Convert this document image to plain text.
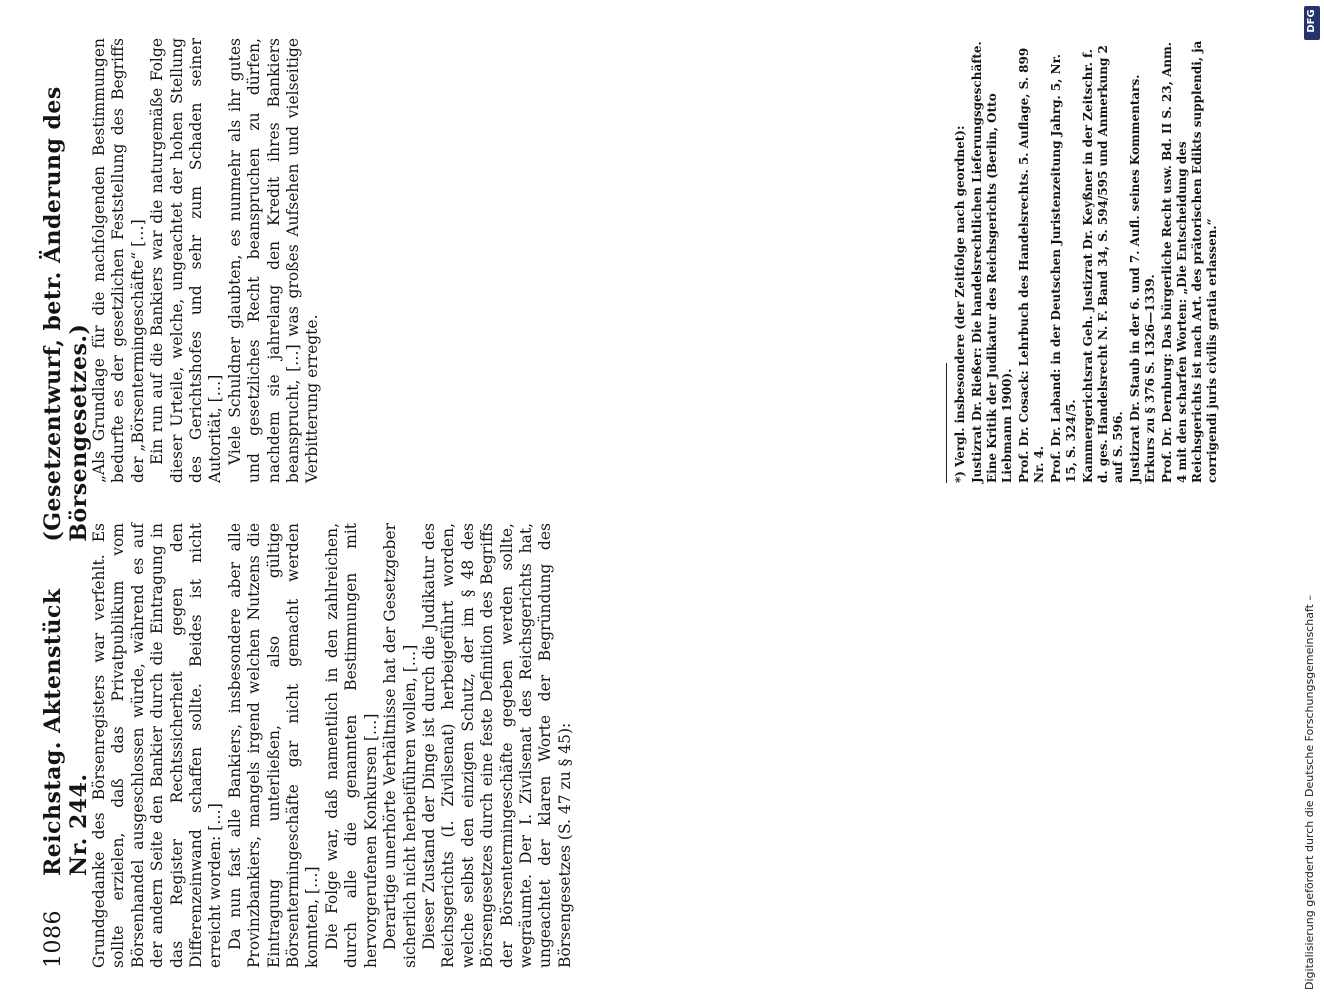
1086
Reichstag. Aktenstück Nr. 244.
(Gesetzentwurf, betr. Änderung des Börsengesetzes.)

Grundgedanke des Börsenregisters war verfehlt. Es sollte erzielen, daß das Privatpublikum vom Börsenhandel ausgeschlossen würde, während es auf der andern Seite den Bankier durch die Eintragung in das Register Rechtssicherheit gegen den Differenzeinwand schaffen sollte. Beides ist nicht erreicht worden: […] Da nun fast alle Bankiers, insbesondere aber alle Provinzbankiers, mangels irgend welchen Nutzens die Eintragung unterließen, also gültige Börsentermingeschäfte gar nicht gemacht werden konnten, […] Die Folge war, daß namentlich in den zahlreichen, durch alle die genannten Bestimmungen mit hervorgerufenen Konkursen […] Derartige unerhörte Verhältnisse hat der Gesetzgeber sicherlich nicht herbeiführen wollen, […] Dieser Zustand der Dinge ist durch die Judikatur des Reichsgerichts (I. Zivilsenat) herbeigeführt worden, welche selbst den einzigen Schutz, der im § 48 des Börsengesetzes durch eine feste Definition des Begriffs der Börsentermingeschäfte gegeben werden sollte, wegräumte. Der I. Zivilsenat des Reichsgerichts hat, ungeachtet der klaren Worte der Begründung des Börsengesetzes (S. 47 zu § 45):

„Als Grundlage für die nachfolgenden Bestimmungen bedurfte es der gesetzlichen Feststellung des Begriffs der „Börsentermingeschäfte“ […] Ein run auf die Bankiers war die naturgemäße Folge dieser Urteile, welche, ungeachtet der hohen Stellung des Gerichtshofes und sehr zum Schaden seiner Autorität, […] Viele Schuldner glaubten, es nunmehr als ihr gutes und gesetzliches Recht beanspruchen zu dürfen, nachdem sie jahrelang den Kredit ihres Bankiers beansprucht, […] was großes Aufsehen und vielseitige Verbitterung erregte.	*) Vergl. insbesondere (der Zeitfolge nach geordnet): Justizrat Dr. Rießer: Die handelsrechtlichen Lieferungsgeschäfte. Eine Kritik der Judikatur des Reichsgerichts (Berlin, Otto Liebmann 1900). Prof. Dr. Cosack: Lehrbuch des Handelsrechts. 5. Auflage, S. 899 Nr. 4. Prof. Dr. Laband: in der Deutschen Juristenzeitung Jahrg. 5, Nr. 15, S. 324/5. Kammergerichtsrat Geh. Justizrat Dr. Keyßner in der Zeitschr. f. d. ges. Handelsrecht N. F. Band 34, S. 594/595 und Anmerkung 2 auf S. 596. Justizrat Dr. Staub in der 6. und 7. Aufl. seines Kommentars. Erkurs zu § 376 S. 1326—1339. Prof. Dr. Dernburg: Das bürgerliche Recht usw. Bd. II S. 23, Anm. 4 mit den scharfen Worten: „Die Entscheidung des Reichsgerichts ist nach Art. des prätorischen Edikts supplendi, ja corrigendi juris civilis gratia erlassen.“
Digitalisierung gefördert durch die Deutsche Forschungsgemeinschaft –
DFG
